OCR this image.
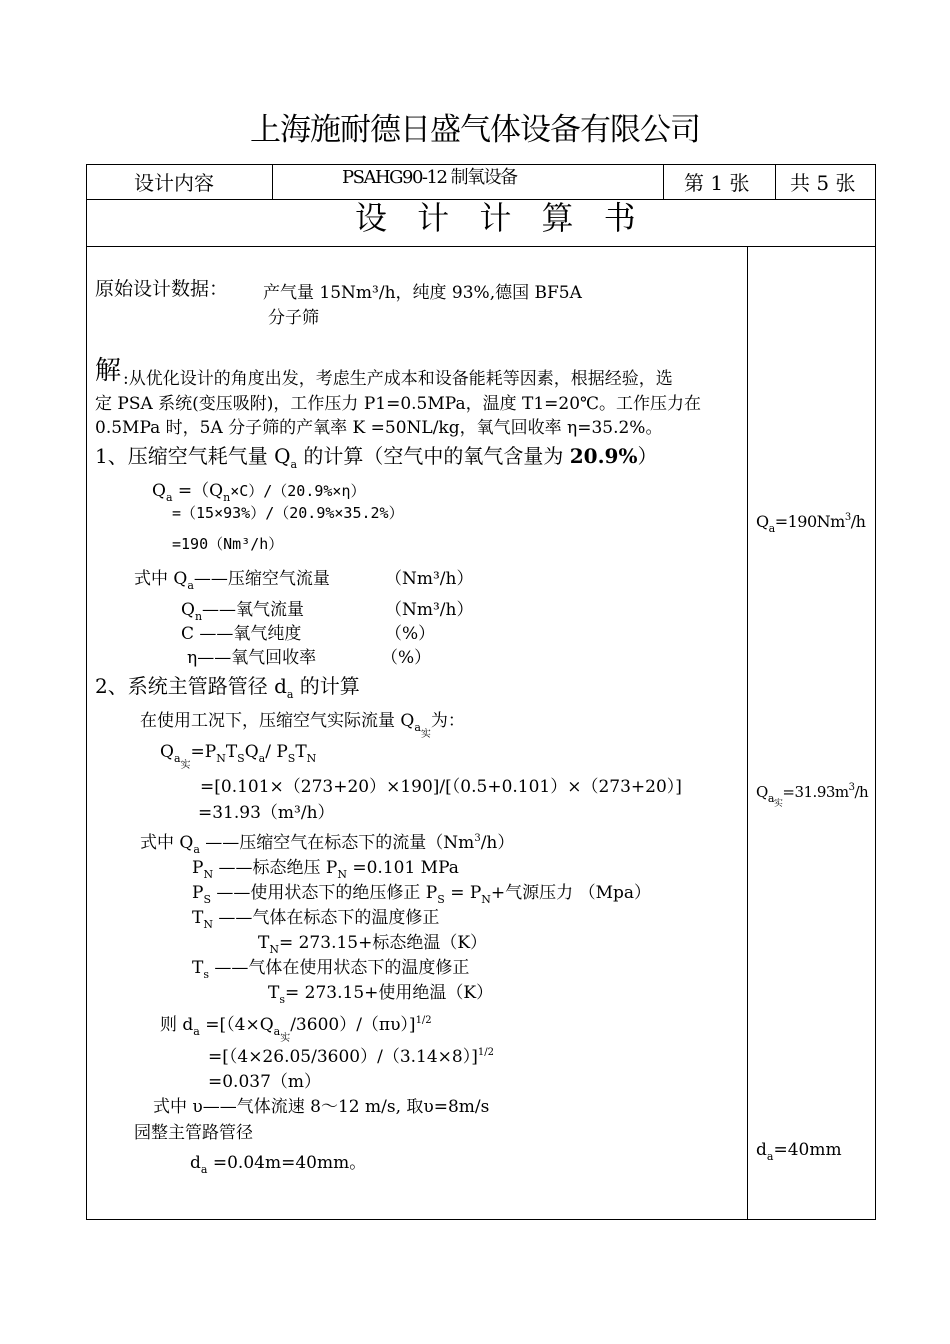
上海施耐德日盛气体设备有限公司
设计内容	PSAHG90-12 制氧设备	第 1 张 共 5 张
设 计 计 算 书
原始设计数据： 产气量 15Nm³/h，纯度 93%,德国 BF5A
分子筛
解 :从优化设计的角度出发，考虑生产成本和设备能耗等因素，根据经验，选
定 PSA 系统(变压吸附)，工作压力 P1=0.5MPa，温度 T1=20℃。工作压力在
0.5MPa 时，5A 分子筛的产氧率 K =50NL/kg，氧气回收率 η=35.2%。
1、压缩空气耗气量 $Q_a$ 的计算（空气中的氧气含量为 20.9%）
$Q_a =(Q_n\times C)/(20.9\%\times\eta)$
=（15×93%）/（20.9%×35.2%）
=190（Nm³/h）
式中 $Q_a——$压缩空气流量	（Nm³/h）
$Q_n——$氧气流量	（Nm³/h）
C ——氧气纯度	（%）
η——氧气回收率	（%）
2、系统主管路管径 $d_a$ 的计算
在使用工况下，压缩空气实际流量 $Q_{a实}$为：
$Q_{a实}=P_NT_SQ_a/$ $P_ST_N$
=[0.101×（273+20）×190]/[（0.5+0.101）×（273+20）]
=31.93（m³/h）
式中 $Q_a$ ——压缩空气在标态下的流量（Nm$^3$/h）
$P_N$ ——标态绝压 $P_N =0.101$ MPa
$P_S$ ——使用状态下的绝压修正 $P_S = P_N+$气源压力 （Mpa）
$T_N$ ——气体在标态下的温度修正
$T_N= 273.15+$标态绝温（K）
$T_s$ ——气体在使用状态下的温度修正
$T_s= 273.15+$使用绝温（K）
则 $d_a =[(4\times Q_{a实}/3600)/(\pi\upsilon)]^{1/2}$
$=[(4\times 26.05/3600)/(3.14\times 8)]^{1/2}$
=0.037（m）
式中 υ——气体流速 8～12 m/s, 取υ=8m/s
园整主管路管径
$d_a =0.04m=40mm$。
$Q_a=190Nm^3/h$
$Q_{a实}=31.93m^3/h$
$d_a=40mm$
